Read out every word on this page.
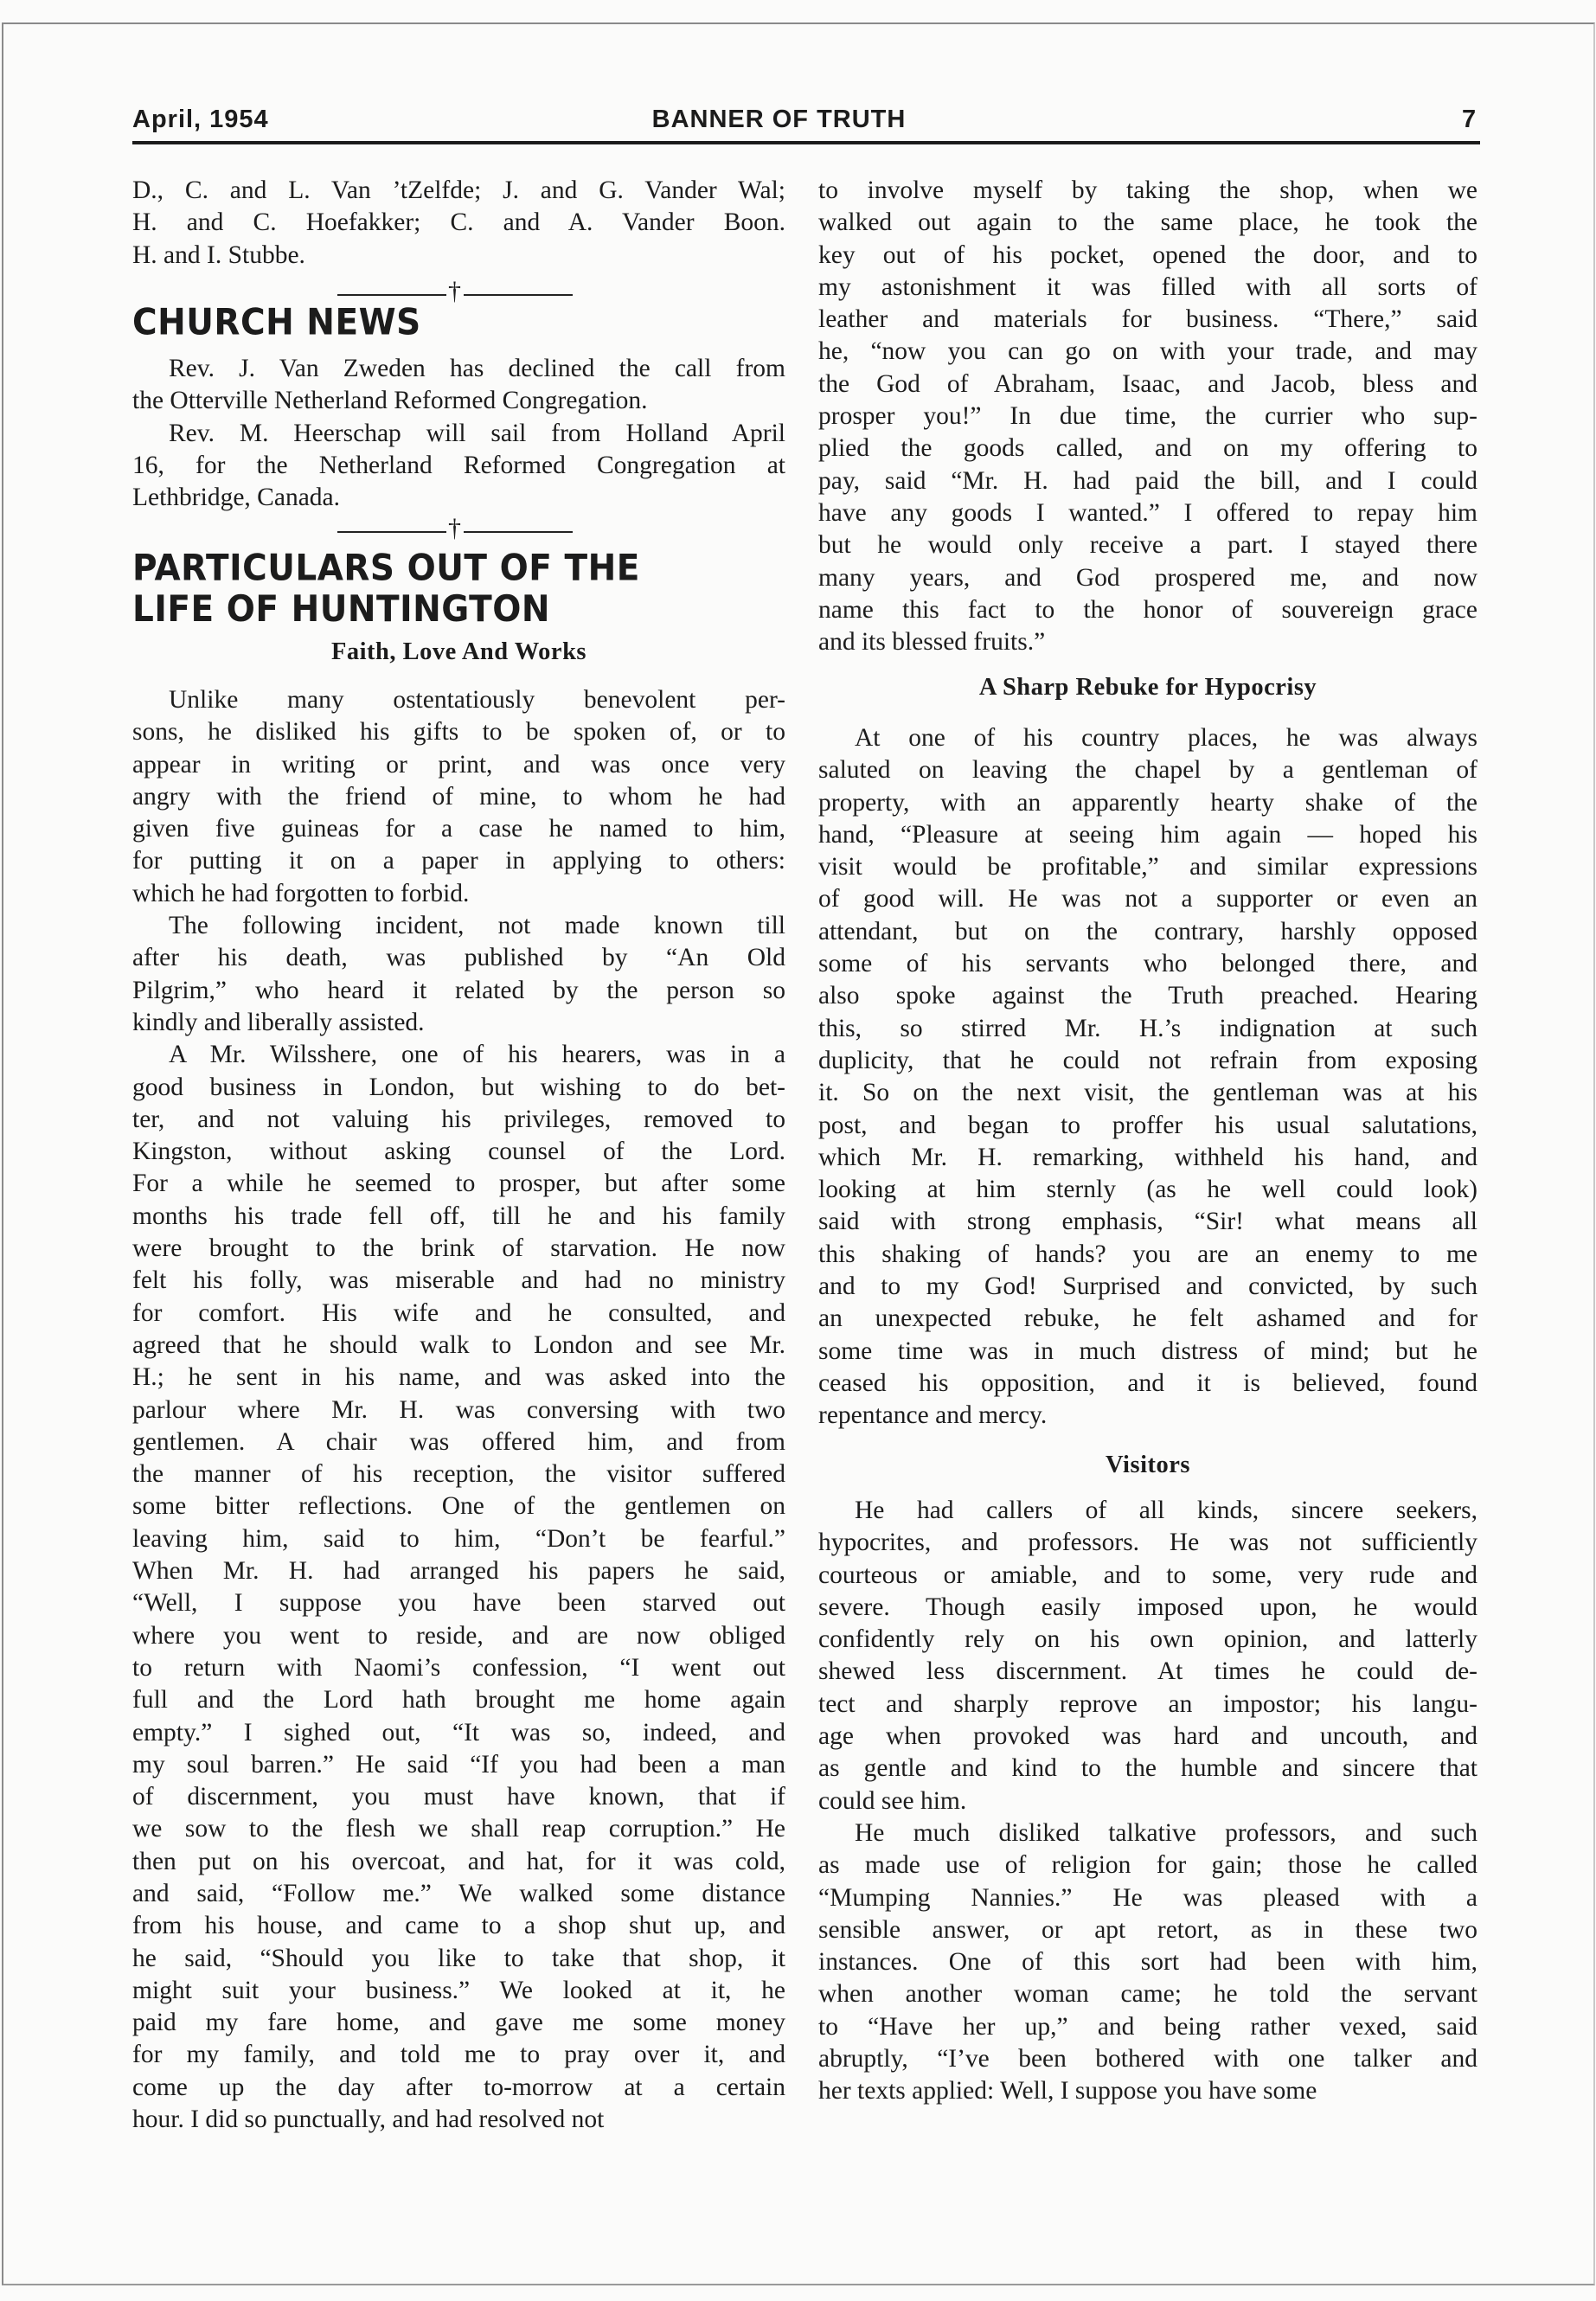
April, 1954	BANNER OF TRUTH	7
D., C. and L. Van ’tZelfde; J. and G. Vander Wal;
H. and C. Hoefakker; C. and A. Vander Boon.
H. and I. Stubbe.
†
CHURCH NEWS
Rev. J. Van Zweden has declined the call from
the Otterville Netherland Reformed Congregation.
Rev. M. Heerschap will sail from Holland April
16, for the Netherland Reformed Congregation at
Lethbridge, Canada.
†
PARTICULARS OUT OF THE
LIFE OF HUNTINGTON
Faith, Love And Works
Unlike many ostentatiously benevolent per-
sons, he disliked his gifts to be spoken of, or to
appear in writing or print, and was once very
angry with the friend of mine, to whom he had
given five guineas for a case he named to him,
for putting it on a paper in applying to others:
which he had forgotten to forbid.
The following incident, not made known till
after his death, was published by “An Old
Pilgrim,” who heard it related by the person so
kindly and liberally assisted.
A Mr. Wilsshere, one of his hearers, was in a
good business in London, but wishing to do bet-
ter, and not valuing his privileges, removed to
Kingston, without asking counsel of the Lord.
For a while he seemed to prosper, but after some
months his trade fell off, till he and his family
were brought to the brink of starvation. He now
felt his folly, was miserable and had no ministry
for comfort. His wife and he consulted, and
agreed that he should walk to London and see Mr.
H.; he sent in his name, and was asked into the
parlour where Mr. H. was conversing with two
gentlemen. A chair was offered him, and from
the manner of his reception, the visitor suffered
some bitter reflections. One of the gentlemen on
leaving him, said to him, “Don’t be fearful.”
When Mr. H. had arranged his papers he said,
“Well, I suppose you have been starved out
where you went to reside, and are now obliged
to return with Naomi’s confession, “I went out
full and the Lord hath brought me home again
empty.” I sighed out, “It was so, indeed, and
my soul barren.” He said “If you had been a man
of discernment, you must have known, that if
we sow to the flesh we shall reap corruption.” He
then put on his overcoat, and hat, for it was cold,
and said, “Follow me.” We walked some distance
from his house, and came to a shop shut up, and
he said, “Should you like to take that shop, it
might suit your business.” We looked at it, he
paid my fare home, and gave me some money
for my family, and told me to pray over it, and
come up the day after to-morrow at a certain
hour. I did so punctually, and had resolved not
to involve myself by taking the shop, when we
walked out again to the same place, he took the
key out of his pocket, opened the door, and to
my astonishment it was filled with all sorts of
leather and materials for business. “There,” said
he, “now you can go on with your trade, and may
the God of Abraham, Isaac, and Jacob, bless and
prosper you!” In due time, the currier who sup-
plied the goods called, and on my offering to
pay, said “Mr. H. had paid the bill, and I could
have any goods I wanted.” I offered to repay him
but he would only receive a part. I stayed there
many years, and God prospered me, and now
name this fact to the honor of souvereign grace
and its blessed fruits.”
A Sharp Rebuke for Hypocrisy
At one of his country places, he was always
saluted on leaving the chapel by a gentleman of
property, with an apparently hearty shake of the
hand, “Pleasure at seeing him again — hoped his
visit would be profitable,” and similar expressions
of good will. He was not a supporter or even an
attendant, but on the contrary, harshly opposed
some of his servants who belonged there, and
also spoke against the Truth preached. Hearing
this, so stirred Mr. H.’s indignation at such
duplicity, that he could not refrain from exposing
it. So on the next visit, the gentleman was at his
post, and began to proffer his usual salutations,
which Mr. H. remarking, withheld his hand, and
looking at him sternly (as he well could look)
said with strong emphasis, “Sir! what means all
this shaking of hands? you are an enemy to me
and to my God! Surprised and convicted, by such
an unexpected rebuke, he felt ashamed and for
some time was in much distress of mind; but he
ceased his opposition, and it is believed, found
repentance and mercy.
Visitors
He had callers of all kinds, sincere seekers,
hypocrites, and professors. He was not sufficiently
courteous or amiable, and to some, very rude and
severe. Though easily imposed upon, he would
confidently rely on his own opinion, and latterly
shewed less discernment. At times he could de-
tect and sharply reprove an impostor; his langu-
age when provoked was hard and uncouth, and
as gentle and kind to the humble and sincere that
could see him.
He much disliked talkative professors, and such
as made use of religion for gain; those he called
“Mumping Nannies.” He was pleased with a
sensible answer, or apt retort, as in these two
instances. One of this sort had been with him,
when another woman came; he told the servant
to “Have her up,” and being rather vexed, said
abruptly, “I’ve been bothered with one talker and
her texts applied: Well, I suppose you have some
